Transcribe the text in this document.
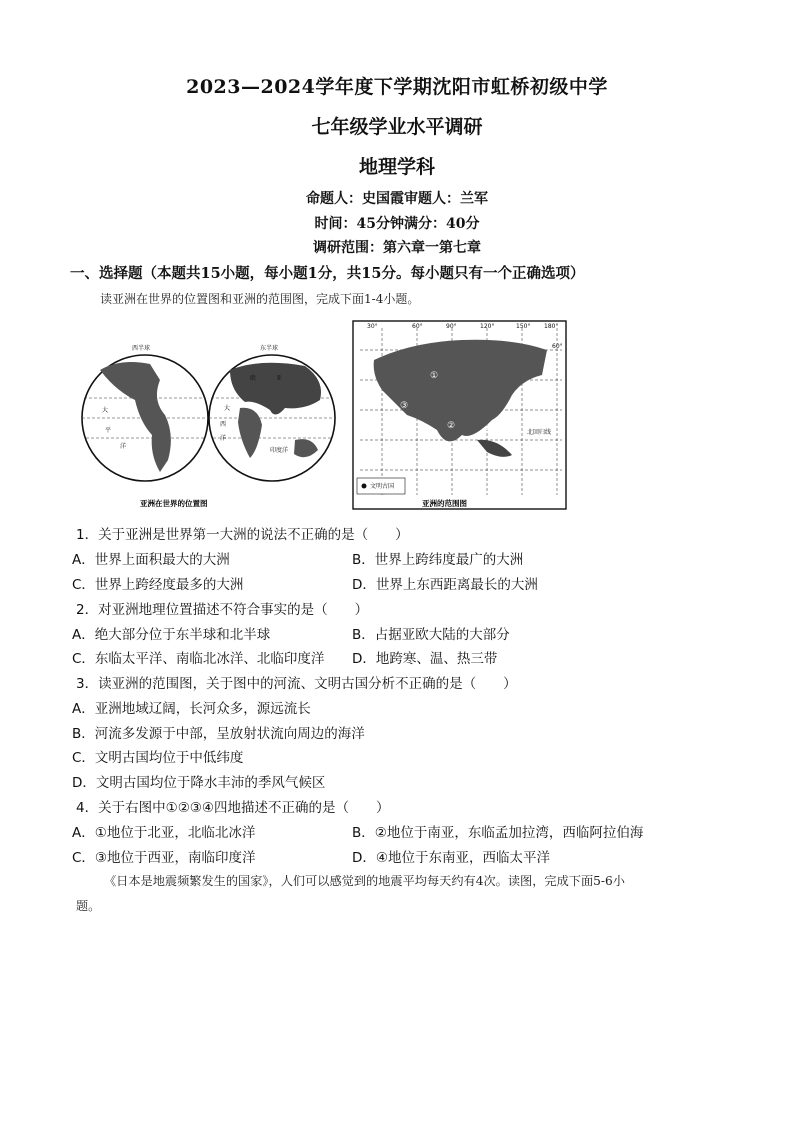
2023—2024学年度下学期沈阳市虹桥初级中学
七年级学业水平调研
地理学科
命题人：史国霞审题人：兰军
时间：45分钟满分：40分
调研范围：第六章一第七章
一、选择题（本题共15小题，每小题1分，共15分。每小题只有一个正确选项）
读亚洲在世界的位置图和亚洲的范围图，完成下面1-4小题。
西半球	东半球
大
平
洋
亚
欧
大
西
洋
印度洋
亚洲在世界的位置图
30°	60°	90°	120°	150° 180°
60°
①
②
③
④	北回归线
文明古国
亚洲的范围图
1．关于亚洲是世界第一大洲的说法不正确的是（　　）
A．世界上面积最大的大洲	B．世界上跨纬度最广的大洲
C．世界上跨经度最多的大洲	D．世界上东西距离最长的大洲
2．对亚洲地理位置描述不符合事实的是（　　）
A．绝大部分位于东半球和北半球	B．占据亚欧大陆的大部分
C．东临太平洋、南临北冰洋、北临印度洋 D．地跨寒、温、热三带
3．读亚洲的范围图，关于图中的河流、文明古国分析不正确的是（　　）
A．亚洲地域辽阔，长河众多，源远流长
B．河流多发源于中部，呈放射状流向周边的海洋
C．文明古国均位于中低纬度
D．文明古国均位于降水丰沛的季风气候区
4．关于右图中①②③④四地描述不正确的是（　　）
A．①地位于北亚，北临北冰洋	B．②地位于南亚，东临孟加拉湾，西临阿拉伯海
C．③地位于西亚，南临印度洋	D．④地位于东南亚，西临太平洋
《日本是地震频繁发生的国家》，人们可以感觉到的地震平均每天约有4次。读图，完成下面5-6小
题。
